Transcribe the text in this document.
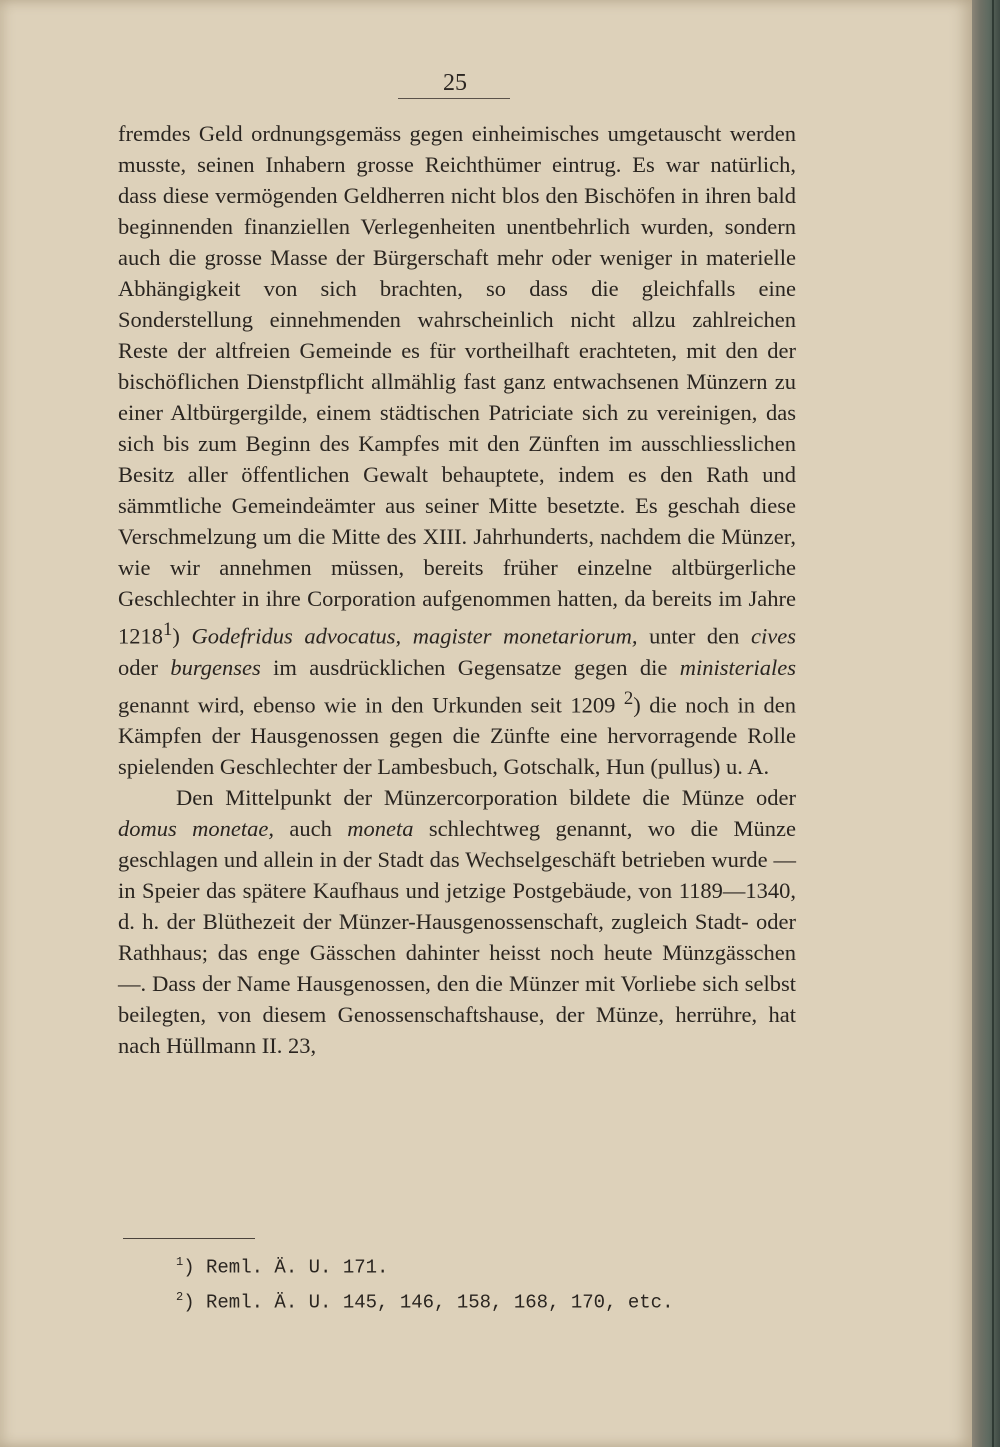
25

fremdes Geld ordnungsgemäss gegen einheimisches umgetauscht werden musste, seinen Inhabern grosse Reichthümer eintrug. Es war natürlich, dass diese vermögenden Geldherren nicht blos den Bischöfen in ihren bald beginnenden finanziellen Verlegenheiten unentbehrlich wurden, sondern auch die grosse Masse der Bürgerschaft mehr oder weniger in materielle Abhängigkeit von sich brachten, so dass die gleichfalls eine Sonderstellung einnehmenden wahrscheinlich nicht allzu zahlreichen Reste der altfreien Gemeinde es für vortheilhaft erachteten, mit den der bischöflichen Dienstpflicht allmählig fast ganz entwachsenen Münzern zu einer Altbürgergilde, einem städtischen Patriciate sich zu vereinigen, das sich bis zum Beginn des Kampfes mit den Zünften im ausschliesslichen Besitz aller öffentlichen Gewalt behauptete, indem es den Rath und sämmtliche Gemeindeämter aus seiner Mitte besetzte. Es geschah diese Verschmelzung um die Mitte des XIII. Jahrhunderts, nachdem die Münzer, wie wir annehmen müssen, bereits früher einzelne altbürgerliche Geschlechter in ihre Corporation aufgenommen hatten, da bereits im Jahre 1218$^1$) Godefridus advocatus, magister monetariorum, unter den cives oder burgenses im ausdrücklichen Gegensatze gegen die ministeriales genannt wird, ebenso wie in den Urkunden seit 1209 $^2$) die noch in den Kämpfen der Hausgenossen gegen die Zünfte eine hervorragende Rolle spielenden Geschlechter der Lambesbuch, Gotschalk, Hun (pullus) u. A.

Den Mittelpunkt der Münzercorporation bildete die Münze oder domus monetae, auch moneta schlechtweg genannt, wo die Münze geschlagen und allein in der Stadt das Wechselgeschäft betrieben wurde — in Speier das spätere Kaufhaus und jetzige Postgebäude, von 1189—1340, d. h. der Blüthezeit der Münzer-Hausgenossenschaft, zugleich Stadt- oder Rathhaus; das enge Gässchen dahinter heisst noch heute Münzgässchen —. Dass der Name Hausgenossen, den die Münzer mit Vorliebe sich selbst beilegten, von diesem Genossenschaftshause, der Münze, herrühre, hat nach Hüllmann II. 23,

$^1$) Reml. Ä. U. 171.
$^2$) Reml. Ä. U. 145, 146, 158, 168, 170, etc.
